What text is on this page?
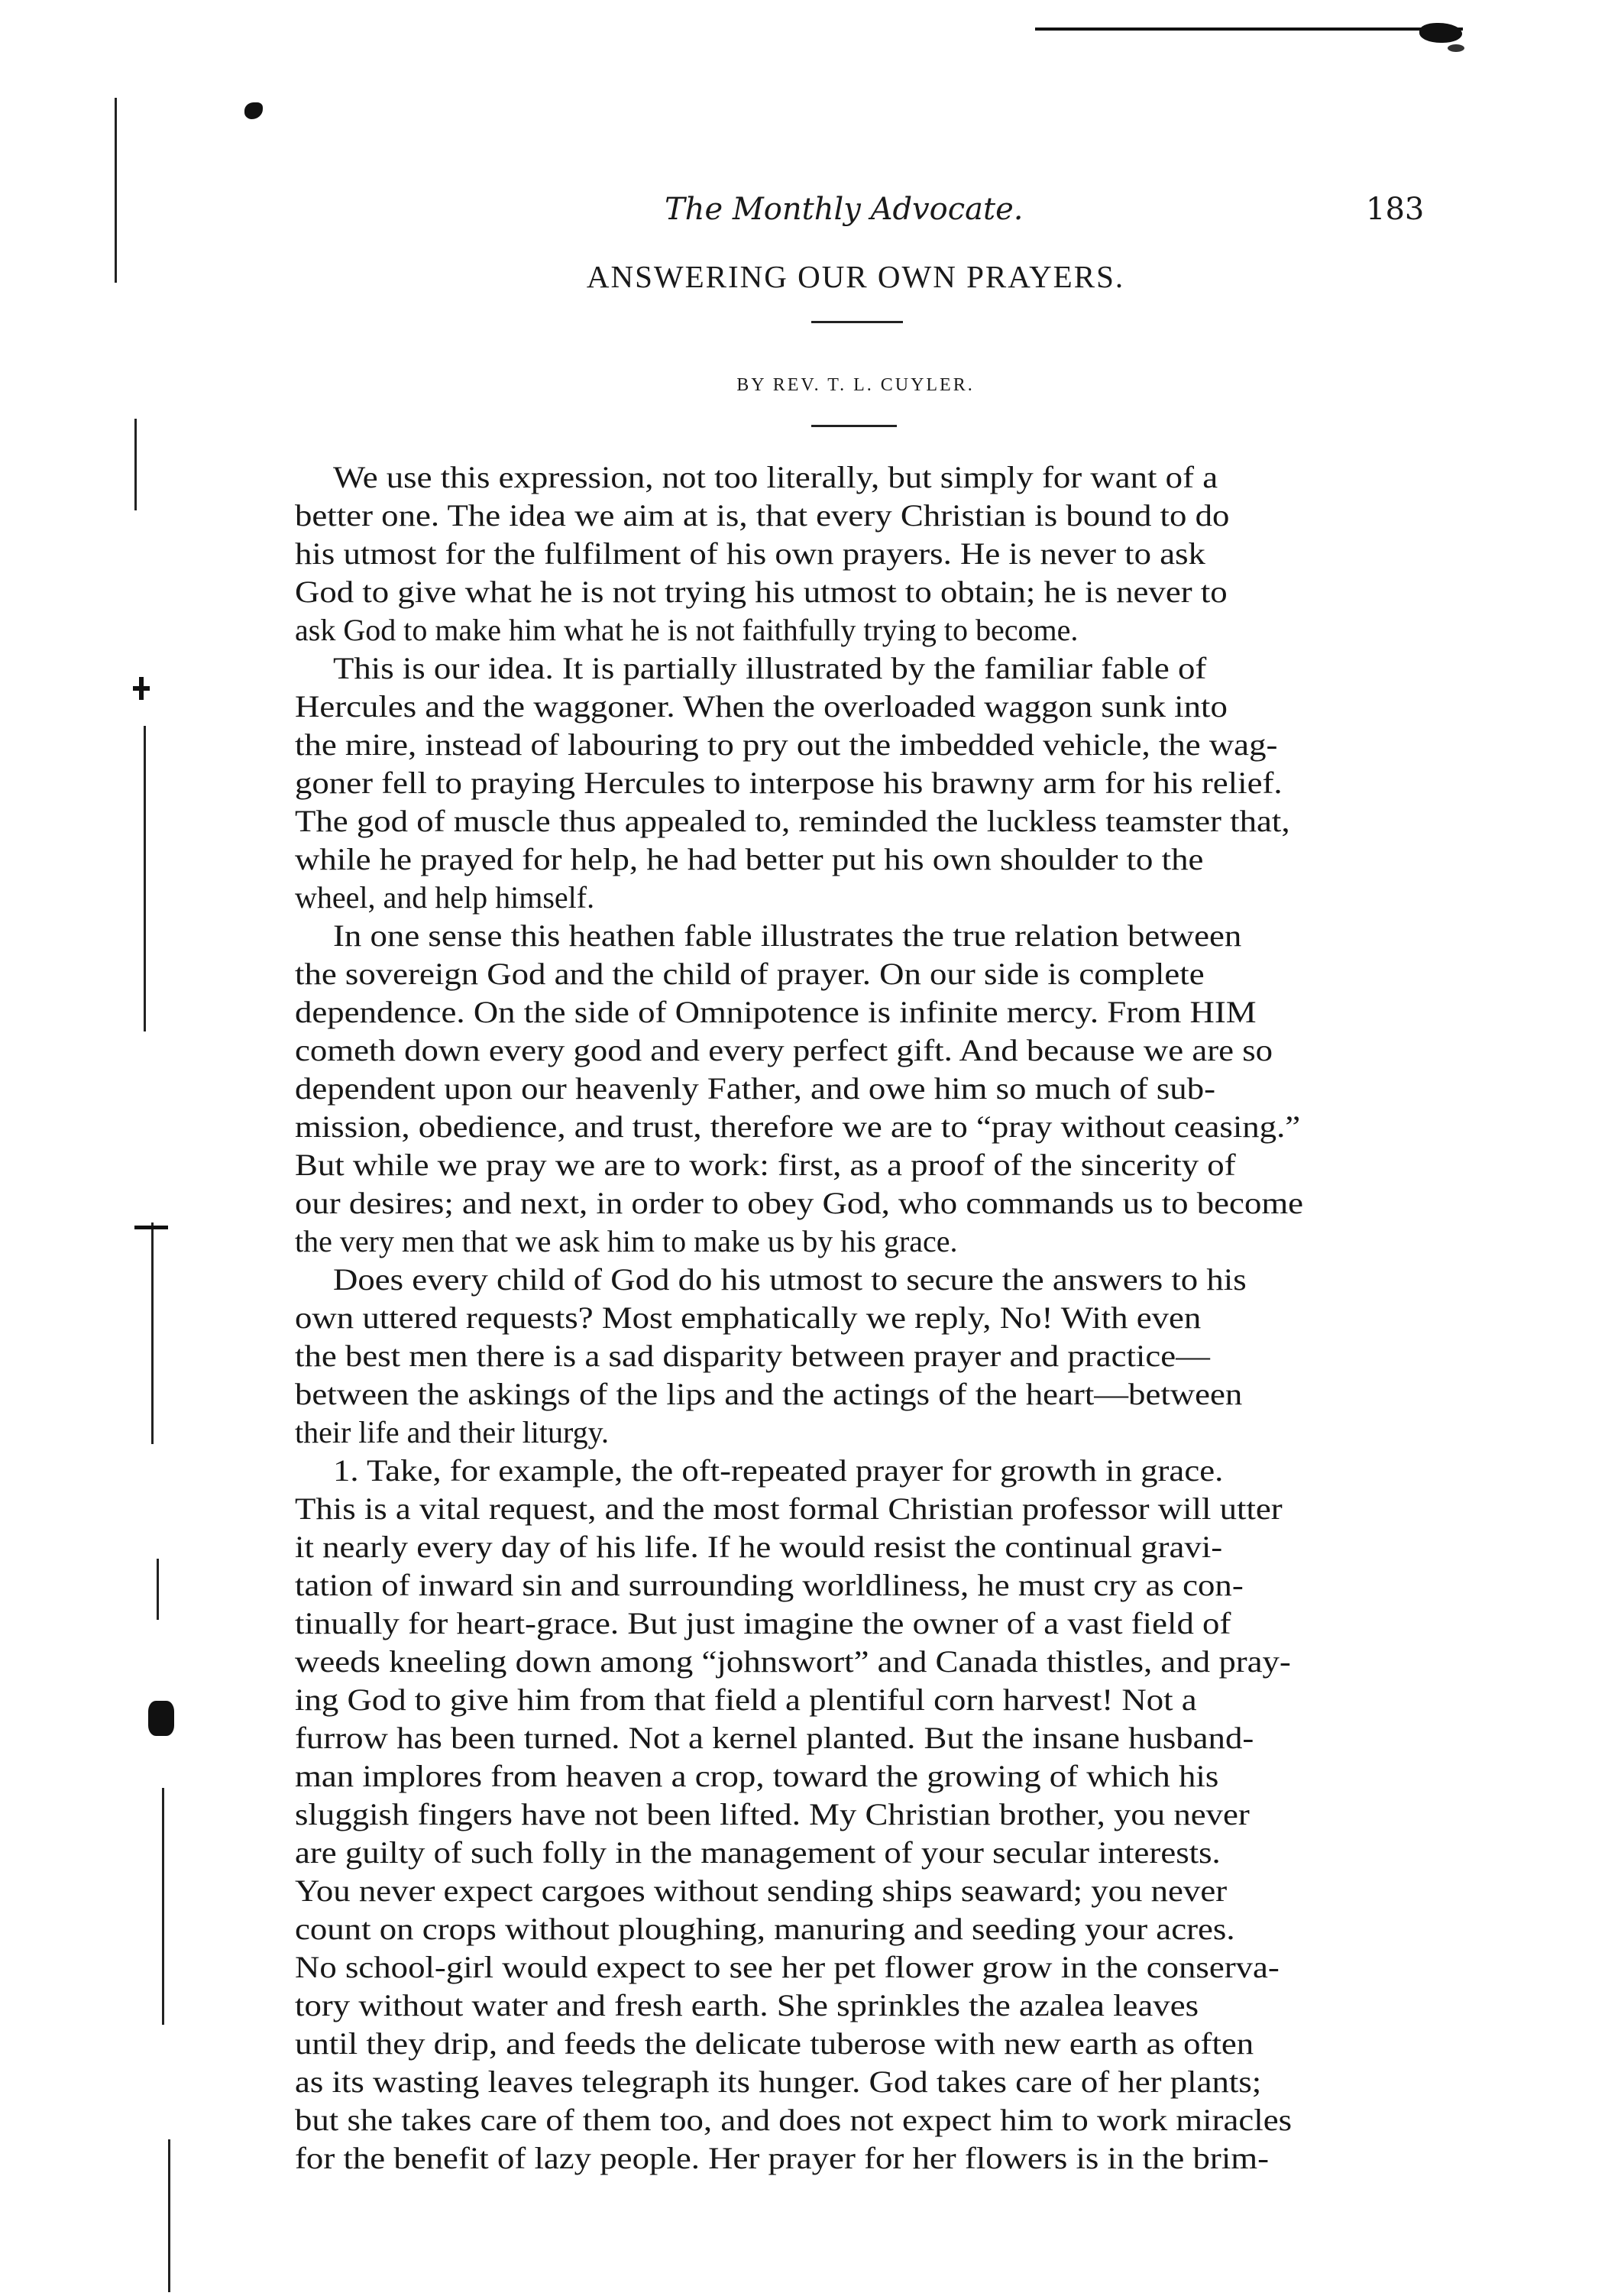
The Monthly Advocate.	183
ANSWERING OUR OWN PRAYERS.
BY REV. T. L. CUYLER.
We use this expression, not too literally, but simply for want of a
better one. The idea we aim at is, that every Christian is bound to do
his utmost for the fulfilment of his own prayers. He is never to ask
God to give what he is not trying his utmost to obtain; he is never to
ask God to make him what he is not faithfully trying to become.
This is our idea. It is partially illustrated by the familiar fable of
Hercules and the waggoner. When the overloaded waggon sunk into
the mire, instead of labouring to pry out the imbedded vehicle, the wag-
goner fell to praying Hercules to interpose his brawny arm for his relief.
The god of muscle thus appealed to, reminded the luckless teamster that,
while he prayed for help, he had better put his own shoulder to the
wheel, and help himself.
In one sense this heathen fable illustrates the true relation between
the sovereign God and the child of prayer. On our side is complete
dependence. On the side of Omnipotence is infinite mercy. From HIM
cometh down every good and every perfect gift. And because we are so
dependent upon our heavenly Father, and owe him so much of sub-
mission, obedience, and trust, therefore we are to “pray without ceasing.”
But while we pray we are to work: first, as a proof of the sincerity of
our desires; and next, in order to obey God, who commands us to become
the very men that we ask him to make us by his grace.
Does every child of God do his utmost to secure the answers to his
own uttered requests? Most emphatically we reply, No! With even
the best men there is a sad disparity between prayer and practice—
between the askings of the lips and the actings of the heart—between
their life and their liturgy.
1. Take, for example, the oft-repeated prayer for growth in grace.
This is a vital request, and the most formal Christian professor will utter
it nearly every day of his life. If he would resist the continual gravi-
tation of inward sin and surrounding worldliness, he must cry as con-
tinually for heart-grace. But just imagine the owner of a vast field of
weeds kneeling down among “johnswort” and Canada thistles, and pray-
ing God to give him from that field a plentiful corn harvest! Not a
furrow has been turned. Not a kernel planted. But the insane husband-
man implores from heaven a crop, toward the growing of which his
sluggish fingers have not been lifted. My Christian brother, you never
are guilty of such folly in the management of your secular interests.
You never expect cargoes without sending ships seaward; you never
count on crops without ploughing, manuring and seeding your acres.
No school-girl would expect to see her pet flower grow in the conserva-
tory without water and fresh earth. She sprinkles the azalea leaves
until they drip, and feeds the delicate tuberose with new earth as often
as its wasting leaves telegraph its hunger. God takes care of her plants;
but she takes care of them too, and does not expect him to work miracles
for the benefit of lazy people. Her prayer for her flowers is in the brim-
